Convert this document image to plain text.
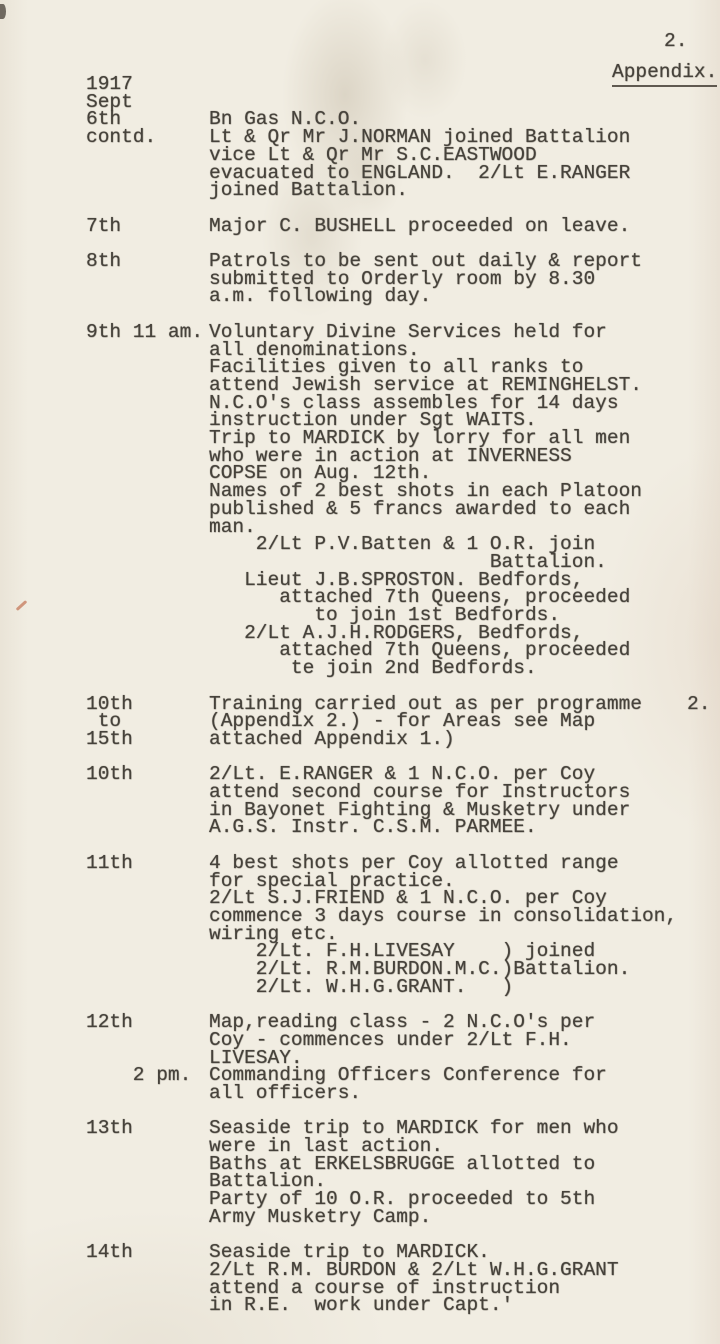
2.
Appendix.
1917

Sept

6th	Bn Gas N.C.O.
contd.	Lt & Qr Mr J.NORMAN joined Battalion

vice Lt & Qr Mr S.C.EASTWOOD

evacuated to ENGLAND.  2/Lt E.RANGER

joined Battalion.
7th	Major C. BUSHELL proceeded on leave.
8th	Patrols to be sent out daily & report

submitted to Orderly room by 8.30

a.m. following day.
9th 11 am. Voluntary Divine Services held for

all denominations.

Facilities given to all ranks to

attend Jewish service at REMINGHELST.

N.C.O's class assembles for 14 days

instruction under Sgt WAITS.

Trip to MARDICK by lorry for all men

who were in action at INVERNESS

COPSE on Aug. 12th.

Names of 2 best shots in each Platoon

published & 5 francs awarded to each

man.

2/Lt P.V.Batten & 1 O.R. join

Battalion.

Lieut J.B.SPROSTON. Bedfords,

attached 7th Queens, proceeded

to join 1st Bedfords.

2/Lt A.J.H.RODGERS, Bedfords,

attached 7th Queens, proceeded

te join 2nd Bedfords.
10th	Training carried out as per programme 2.
to	(Appendix 2.) - for Areas see Map
15th	attached Appendix 1.)
10th	2/Lt. E.RANGER & 1 N.C.O. per Coy

attend second course for Instructors

in Bayonet Fighting & Musketry under

A.G.S. Instr. C.S.M. PARMEE.
11th	4 best shots per Coy allotted range

for special practice.

2/Lt S.J.FRIEND & 1 N.C.O. per Coy

commence 3 days course in consolidation,

wiring etc.

2/Lt. F.H.LIVESAY    ) joined

2/Lt. R.M.BURDON.M.C.)Battalion.

2/Lt. W.H.G.GRANT.   )
12th	Map,reading class - 2 N.C.O's per

Coy - commences under 2/Lt F.H.

LIVESAY.
2 pm. Commanding Officers Conference for

all officers.
13th	Seaside trip to MARDICK for men who

were in last action.

Baths at ERKELSBRUGGE allotted to

Battalion.

Party of 10 O.R. proceeded to 5th

Army Musketry Camp.
14th	Seaside trip to MARDICK.

2/Lt R.M. BURDON & 2/Lt W.H.G.GRANT

attend a course of instruction

in R.E.  work under Capt.'
